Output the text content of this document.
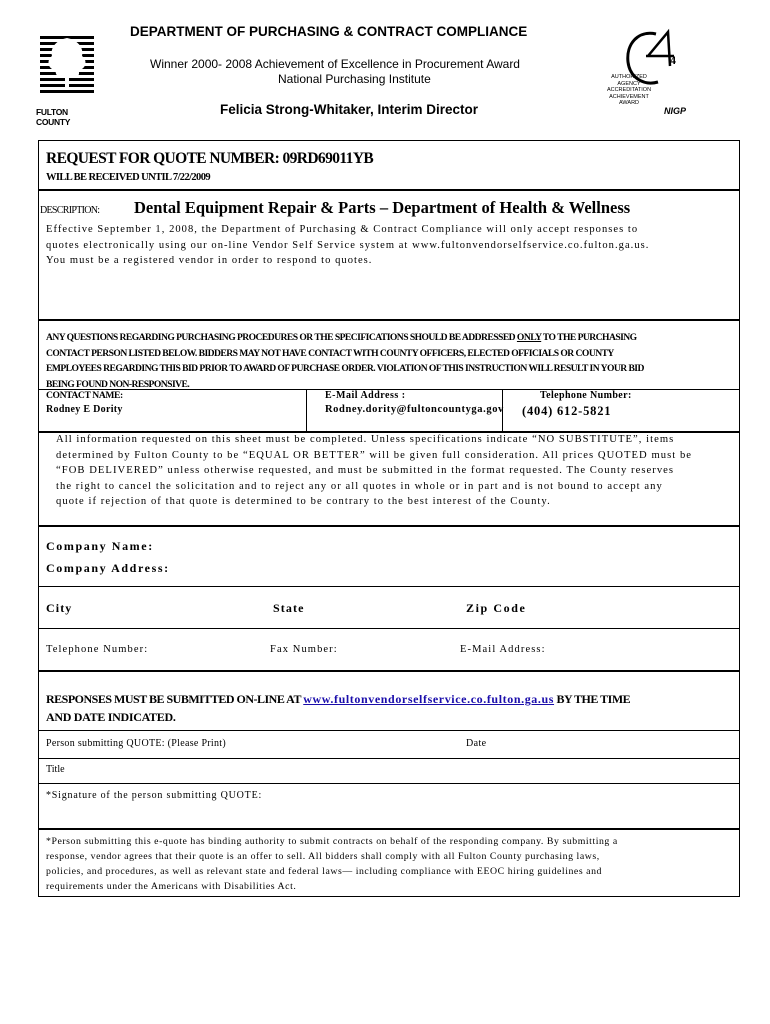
FULTON COUNTY
DEPARTMENT OF PURCHASING & CONTRACT COMPLIANCE
Winner 2000- 2008 Achievement of Excellence in Procurement Award
National Purchasing Institute
Felicia Strong-Whitaker, Interim Director
4
AUTHORIZED
AGENCY
ACCREDITATION
ACHIEVEMENT
AWARD
NIGP
REQUEST FOR QUOTE NUMBER: 09RD69011YB
WILL BE RECEIVED UNTIL 7/22/2009
DESCRIPTION: Dental Equipment Repair & Parts – Department of Health & Wellness
Effective September 1, 2008, the Department of Purchasing & Contract Compliance will only accept responses to
quotes electronically using our on-line Vendor Self Service system at www.fultonvendorselfservice.co.fulton.ga.us.
You must be a registered vendor in order to respond to quotes.
ANY QUESTIONS REGARDING PURCHASING PROCEDURES OR THE SPECIFICATIONS SHOULD BE ADDRESSED ONLY TO THE PURCHASING
CONTACT PERSON LISTED BELOW. BIDDERS MAY NOT HAVE CONTACT WITH COUNTY OFFICERS, ELECTED OFFICIALS OR COUNTY
EMPLOYEES REGARDING THIS BID PRIOR TO AWARD OF PURCHASE ORDER. VIOLATION OF THIS INSTRUCTION WILL RESULT IN YOUR BID
BEING FOUND NON-RESPONSIVE.
CONTACT NAME:
Rodney E Dority
E-Mail Address :
Rodney.dority@fultoncountyga.gov
Telephone Number:
(404) 612-5821
All information requested on this sheet must be completed. Unless specifications indicate “NO SUBSTITUTE”, items
determined by Fulton County to be “EQUAL OR BETTER” will be given full consideration. All prices QUOTED must be
“FOB DELIVERED” unless otherwise requested, and must be submitted in the format requested. The County reserves
the right to cancel the solicitation and to reject any or all quotes in whole or in part and is not bound to accept any
quote if rejection of that quote is determined to be contrary to the best interest of the County.
Company Name:
Company Address:
City	State	Zip Code
Telephone Number:	Fax Number:	E-Mail Address:
RESPONSES MUST BE SUBMITTED ON-LINE AT www.fultonvendorselfservice.co.fulton.ga.us BY THE TIME
AND DATE INDICATED.
Person submitting QUOTE: (Please Print)	Date
Title
*Signature of the person submitting QUOTE:
*Person submitting this e-quote has binding authority to submit contracts on behalf of the responding company. By submitting a
response, vendor agrees that their quote is an offer to sell. All bidders shall comply with all Fulton County purchasing laws,
policies, and procedures, as well as relevant state and federal laws— including compliance with EEOC hiring guidelines and
requirements under the Americans with Disabilities Act.
